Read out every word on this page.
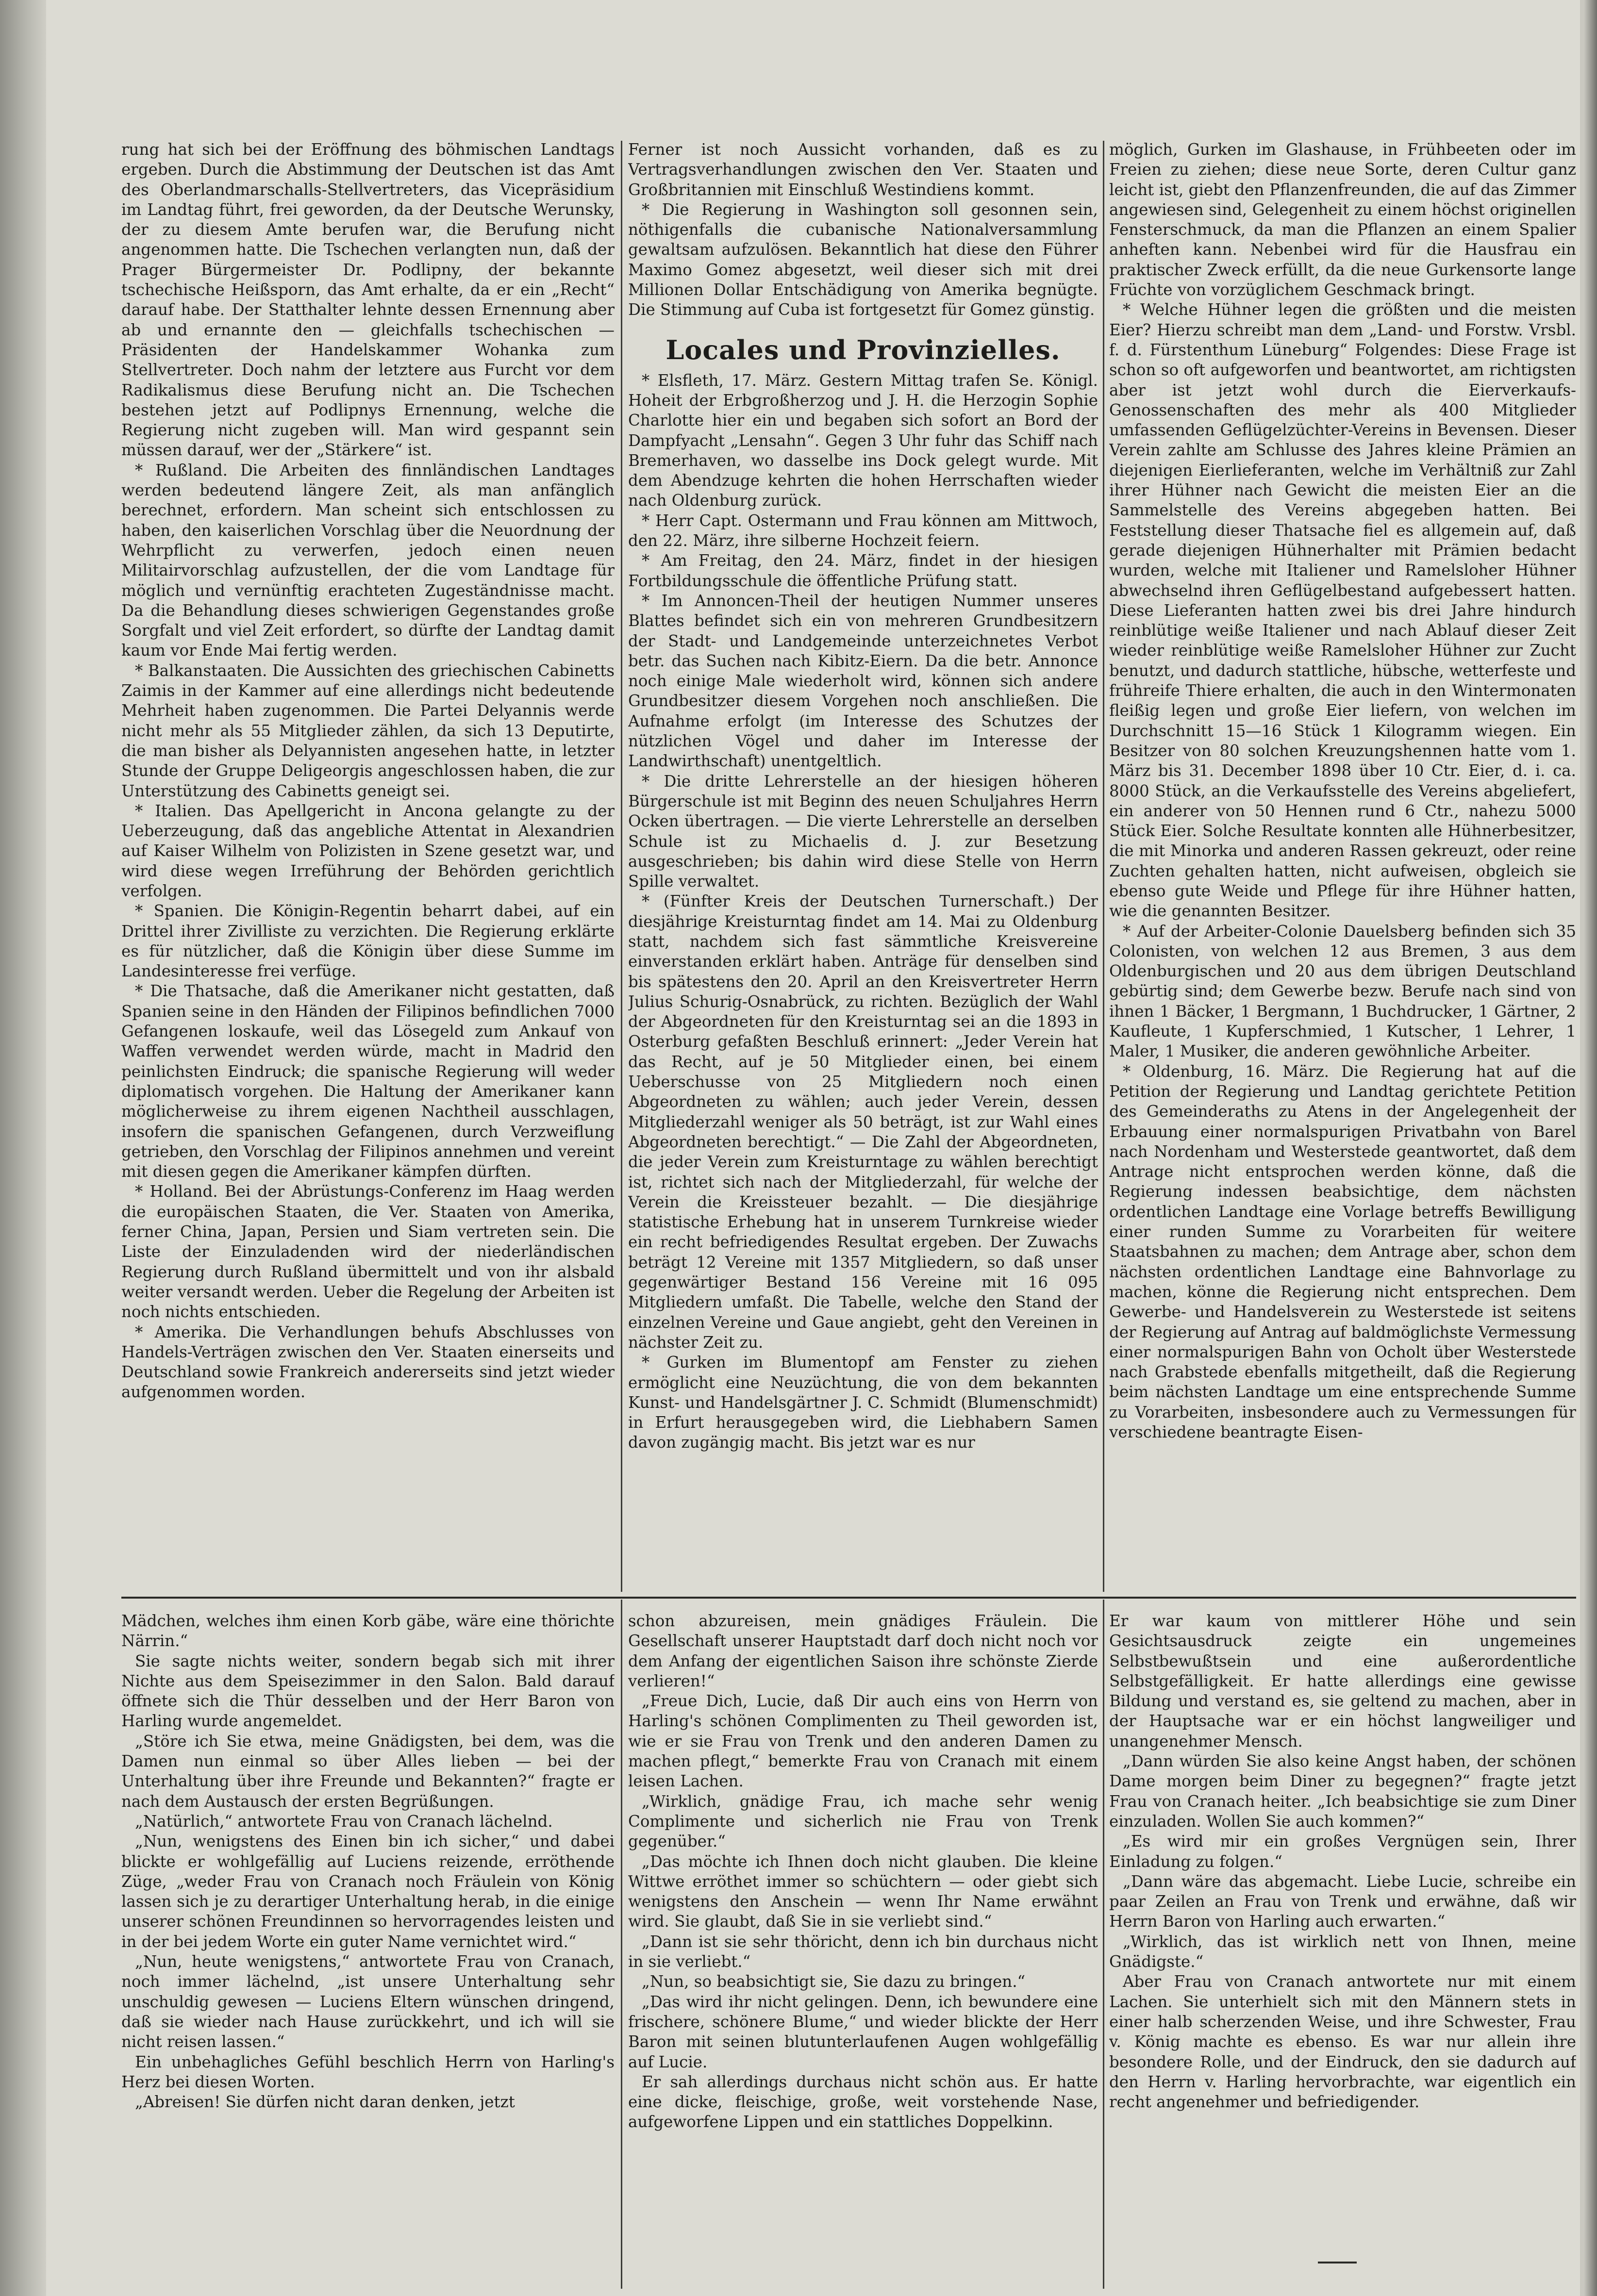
rung hat sich bei der Eröffnung des böhmischen Landtags ergeben. Durch die Abstimmung der Deutschen ist das Amt des Oberlandmarschalls-Stellvertreters, das Vicepräsidium im Landtag führt, frei geworden, da der Deutsche Werunsky, der zu diesem Amte berufen war, die Berufung nicht angenommen hatte. Die Tschechen verlangten nun, daß der Prager Bürgermeister Dr. Podlipny, der bekannte tschechische Heißsporn, das Amt erhalte, da er ein „Recht“ darauf habe. Der Statthalter lehnte dessen Ernennung aber ab und ernannte den — gleichfalls tschechischen — Präsidenten der Handelskammer Wohanka zum Stellvertreter. Doch nahm der letztere aus Furcht vor dem Radikalismus diese Berufung nicht an. Die Tschechen bestehen jetzt auf Podlipnys Ernennung, welche die Regierung nicht zugeben will. Man wird gespannt sein müssen darauf, wer der „Stärkere“ ist.

* Rußland. Die Arbeiten des finnländischen Landtages werden bedeutend längere Zeit, als man anfänglich berechnet, erfordern. Man scheint sich entschlossen zu haben, den kaiserlichen Vorschlag über die Neuordnung der Wehrpflicht zu verwerfen, jedoch einen neuen Militairvorschlag aufzustellen, der die vom Landtage für möglich und vernünftig erachteten Zugeständnisse macht. Da die Behandlung dieses schwierigen Gegenstandes große Sorgfalt und viel Zeit erfordert, so dürfte der Landtag damit kaum vor Ende Mai fertig werden.

* Balkanstaaten. Die Aussichten des griechischen Cabinetts Zaimis in der Kammer auf eine allerdings nicht bedeutende Mehrheit haben zugenommen. Die Partei Delyannis werde nicht mehr als 55 Mitglieder zählen, da sich 13 Deputirte, die man bisher als Delyannisten angesehen hatte, in letzter Stunde der Gruppe Deligeorgis angeschlossen haben, die zur Unterstützung des Cabinetts geneigt sei.

* Italien. Das Apellgericht in Ancona gelangte zu der Ueberzeugung, daß das angebliche Attentat in Alexandrien auf Kaiser Wilhelm von Polizisten in Szene gesetzt war, und wird diese wegen Irreführung der Behörden gerichtlich verfolgen.

* Spanien. Die Königin-Regentin beharrt dabei, auf ein Drittel ihrer Zivilliste zu verzichten. Die Regierung erklärte es für nützlicher, daß die Königin über diese Summe im Landesinteresse frei verfüge.

* Die Thatsache, daß die Amerikaner nicht gestatten, daß Spanien seine in den Händen der Filipinos befindlichen 7000 Gefangenen loskaufe, weil das Lösegeld zum Ankauf von Waffen verwendet werden würde, macht in Madrid den peinlichsten Eindruck; die spanische Regierung will weder diplomatisch vorgehen. Die Haltung der Amerikaner kann möglicherweise zu ihrem eigenen Nachtheil ausschlagen, insofern die spanischen Gefangenen, durch Verzweiflung getrieben, den Vorschlag der Filipinos annehmen und vereint mit diesen gegen die Amerikaner kämpfen dürften.

* Holland. Bei der Abrüstungs-Conferenz im Haag werden die europäischen Staaten, die Ver. Staaten von Amerika, ferner China, Japan, Persien und Siam vertreten sein. Die Liste der Einzuladenden wird der niederländischen Regierung durch Rußland übermittelt und von ihr alsbald weiter versandt werden. Ueber die Regelung der Arbeiten ist noch nichts entschieden.

* Amerika. Die Verhandlungen behufs Abschlusses von Handels-Verträgen zwischen den Ver. Staaten einerseits und Deutschland sowie Frankreich andererseits sind jetzt wieder aufgenommen worden.

Ferner ist noch Aussicht vorhanden, daß es zu Vertragsverhandlungen zwischen den Ver. Staaten und Großbritannien mit Einschluß Westindiens kommt.

* Die Regierung in Washington soll gesonnen sein, nöthigenfalls die cubanische Nationalversammlung gewaltsam aufzulösen. Bekanntlich hat diese den Führer Maximo Gomez abgesetzt, weil dieser sich mit drei Millionen Dollar Entschädigung von Amerika begnügte. Die Stimmung auf Cuba ist fortgesetzt für Gomez günstig.

Locales und Provinzielles.

* Elsfleth, 17. März. Gestern Mittag trafen Se. Königl. Hoheit der Erbgroßherzog und J. H. die Herzogin Sophie Charlotte hier ein und begaben sich sofort an Bord der Dampfyacht „Lensahn“. Gegen 3 Uhr fuhr das Schiff nach Bremerhaven, wo dasselbe ins Dock gelegt wurde. Mit dem Abendzuge kehrten die hohen Herrschaften wieder nach Oldenburg zurück.

* Herr Capt. Ostermann und Frau können am Mittwoch, den 22. März, ihre silberne Hochzeit feiern.

* Am Freitag, den 24. März, findet in der hiesigen Fortbildungsschule die öffentliche Prüfung statt.

* Im Annoncen-Theil der heutigen Nummer unseres Blattes befindet sich ein von mehreren Grundbesitzern der Stadt- und Landgemeinde unterzeichnetes Verbot betr. das Suchen nach Kibitz-Eiern. Da die betr. Annonce noch einige Male wiederholt wird, können sich andere Grundbesitzer diesem Vorgehen noch anschließen. Die Aufnahme erfolgt (im Interesse des Schutzes der nützlichen Vögel und daher im Interesse der Landwirthschaft) unentgeltlich.

* Die dritte Lehrerstelle an der hiesigen höheren Bürgerschule ist mit Beginn des neuen Schuljahres Herrn Ocken übertragen. — Die vierte Lehrerstelle an derselben Schule ist zu Michaelis d. J. zur Besetzung ausgeschrieben; bis dahin wird diese Stelle von Herrn Spille verwaltet.

* (Fünfter Kreis der Deutschen Turnerschaft.) Der diesjährige Kreisturntag findet am 14. Mai zu Oldenburg statt, nachdem sich fast sämmtliche Kreisvereine einverstanden erklärt haben. Anträge für denselben sind bis spätestens den 20. April an den Kreisvertreter Herrn Julius Schurig-Osnabrück, zu richten. Bezüglich der Wahl der Abgeordneten für den Kreisturntag sei an die 1893 in Osterburg gefaßten Beschluß erinnert: „Jeder Verein hat das Recht, auf je 50 Mitglieder einen, bei einem Ueberschusse von 25 Mitgliedern noch einen Abgeordneten zu wählen; auch jeder Verein, dessen Mitgliederzahl weniger als 50 beträgt, ist zur Wahl eines Abgeordneten berechtigt.“ — Die Zahl der Abgeordneten, die jeder Verein zum Kreisturntage zu wählen berechtigt ist, richtet sich nach der Mitgliederzahl, für welche der Verein die Kreissteuer bezahlt. — Die diesjährige statistische Erhebung hat in unserem Turnkreise wieder ein recht befriedigendes Resultat ergeben. Der Zuwachs beträgt 12 Vereine mit 1357 Mitgliedern, so daß unser gegenwärtiger Bestand 156 Vereine mit 16 095 Mitgliedern umfaßt. Die Tabelle, welche den Stand der einzelnen Vereine und Gaue angiebt, geht den Vereinen in nächster Zeit zu.

* Gurken im Blumentopf am Fenster zu ziehen ermöglicht eine Neuzüchtung, die von dem bekannten Kunst- und Handelsgärtner J. C. Schmidt (Blumenschmidt) in Erfurt herausgegeben wird, die Liebhabern Samen davon zugängig macht. Bis jetzt war es nur

möglich, Gurken im Glashause, in Frühbeeten oder im Freien zu ziehen; diese neue Sorte, deren Cultur ganz leicht ist, giebt den Pflanzenfreunden, die auf das Zimmer angewiesen sind, Gelegenheit zu einem höchst originellen Fensterschmuck, da man die Pflanzen an einem Spalier anheften kann. Nebenbei wird für die Hausfrau ein praktischer Zweck erfüllt, da die neue Gurkensorte lange Früchte von vorzüglichem Geschmack bringt.

* Welche Hühner legen die größten und die meisten Eier? Hierzu schreibt man dem „Land- und Forstw. Vrsbl. f. d. Fürstenthum Lüneburg“ Folgendes: Diese Frage ist schon so oft aufgeworfen und beantwortet, am richtigsten aber ist jetzt wohl durch die Eierverkaufs-Genossenschaften des mehr als 400 Mitglieder umfassenden Geflügelzüchter-Vereins in Bevensen. Dieser Verein zahlte am Schlusse des Jahres kleine Prämien an diejenigen Eierlieferanten, welche im Verhältniß zur Zahl ihrer Hühner nach Gewicht die meisten Eier an die Sammelstelle des Vereins abgegeben hatten. Bei Feststellung dieser Thatsache fiel es allgemein auf, daß gerade diejenigen Hühnerhalter mit Prämien bedacht wurden, welche mit Italiener und Ramelsloher Hühner abwechselnd ihren Geflügelbestand aufgebessert hatten. Diese Lieferanten hatten zwei bis drei Jahre hindurch reinblütige weiße Italiener und nach Ablauf dieser Zeit wieder reinblütige weiße Ramelsloher Hühner zur Zucht benutzt, und dadurch stattliche, hübsche, wetterfeste und frühreife Thiere erhalten, die auch in den Wintermonaten fleißig legen und große Eier liefern, von welchen im Durchschnitt 15—16 Stück 1 Kilogramm wiegen. Ein Besitzer von 80 solchen Kreuzungshennen hatte vom 1. März bis 31. December 1898 über 10 Ctr. Eier, d. i. ca. 8000 Stück, an die Verkaufsstelle des Vereins abgeliefert, ein anderer von 50 Hennen rund 6 Ctr., nahezu 5000 Stück Eier. Solche Resultate konnten alle Hühnerbesitzer, die mit Minorka und anderen Rassen gekreuzt, oder reine Zuchten gehalten hatten, nicht aufweisen, obgleich sie ebenso gute Weide und Pflege für ihre Hühner hatten, wie die genannten Besitzer.

* Auf der Arbeiter-Colonie Dauelsberg befinden sich 35 Colonisten, von welchen 12 aus Bremen, 3 aus dem Oldenburgischen und 20 aus dem übrigen Deutschland gebürtig sind; dem Gewerbe bezw. Berufe nach sind von ihnen 1 Bäcker, 1 Bergmann, 1 Buchdrucker, 1 Gärtner, 2 Kaufleute, 1 Kupferschmied, 1 Kutscher, 1 Lehrer, 1 Maler, 1 Musiker, die anderen gewöhnliche Arbeiter.

* Oldenburg, 16. März. Die Regierung hat auf die Petition der Regierung und Landtag gerichtete Petition des Gemeinderaths zu Atens in der Angelegenheit der Erbauung einer normalspurigen Privatbahn von Barel nach Nordenham und Westerstede geantwortet, daß dem Antrage nicht entsprochen werden könne, daß die Regierung indessen beabsichtige, dem nächsten ordentlichen Landtage eine Vorlage betreffs Bewilligung einer runden Summe zu Vorarbeiten für weitere Staatsbahnen zu machen; dem Antrage aber, schon dem nächsten ordentlichen Landtage eine Bahnvorlage zu machen, könne die Regierung nicht entsprechen. Dem Gewerbe- und Handelsverein zu Westerstede ist seitens der Regierung auf Antrag auf baldmöglichste Vermessung einer normalspurigen Bahn von Ocholt über Westerstede nach Grabstede ebenfalls mitgetheilt, daß die Regierung beim nächsten Landtage um eine entsprechende Summe zu Vorarbeiten, insbesondere auch zu Vermessungen für verschiedene beantragte Eisen-

Mädchen, welches ihm einen Korb gäbe, wäre eine thörichte Närrin.“

Sie sagte nichts weiter, sondern begab sich mit ihrer Nichte aus dem Speisezimmer in den Salon. Bald darauf öffnete sich die Thür desselben und der Herr Baron von Harling wurde angemeldet.

„Störe ich Sie etwa, meine Gnädigsten, bei dem, was die Damen nun einmal so über Alles lieben — bei der Unterhaltung über ihre Freunde und Bekannten?“ fragte er nach dem Austausch der ersten Begrüßungen.

„Natürlich,“ antwortete Frau von Cranach lächelnd.

„Nun, wenigstens des Einen bin ich sicher,“ und dabei blickte er wohlgefällig auf Luciens reizende, erröthende Züge, „weder Frau von Cranach noch Fräulein von König lassen sich je zu derartiger Unterhaltung herab, in die einige unserer schönen Freundinnen so hervorragendes leisten und in der bei jedem Worte ein guter Name vernichtet wird.“

„Nun, heute wenigstens,“ antwortete Frau von Cranach, noch immer lächelnd, „ist unsere Unterhaltung sehr unschuldig gewesen — Luciens Eltern wünschen dringend, daß sie wieder nach Hause zurückkehrt, und ich will sie nicht reisen lassen.“

Ein unbehagliches Gefühl beschlich Herrn von Harling's Herz bei diesen Worten.

„Abreisen! Sie dürfen nicht daran denken, jetzt

schon abzureisen, mein gnädiges Fräulein. Die Gesellschaft unserer Hauptstadt darf doch nicht noch vor dem Anfang der eigentlichen Saison ihre schönste Zierde verlieren!“

„Freue Dich, Lucie, daß Dir auch eins von Herrn von Harling's schönen Complimenten zu Theil geworden ist, wie er sie Frau von Trenk und den anderen Damen zu machen pflegt,“ bemerkte Frau von Cranach mit einem leisen Lachen.

„Wirklich, gnädige Frau, ich mache sehr wenig Complimente und sicherlich nie Frau von Trenk gegenüber.“

„Das möchte ich Ihnen doch nicht glauben. Die kleine Wittwe erröthet immer so schüchtern — oder giebt sich wenigstens den Anschein — wenn Ihr Name erwähnt wird. Sie glaubt, daß Sie in sie verliebt sind.“

„Dann ist sie sehr thöricht, denn ich bin durchaus nicht in sie verliebt.“

„Nun, so beabsichtigt sie, Sie dazu zu bringen.“

„Das wird ihr nicht gelingen. Denn, ich bewundere eine frischere, schönere Blume,“ und wieder blickte der Herr Baron mit seinen blutunterlaufenen Augen wohlgefällig auf Lucie.

Er sah allerdings durchaus nicht schön aus. Er hatte eine dicke, fleischige, große, weit vorstehende Nase, aufgeworfene Lippen und ein stattliches Doppelkinn.

Er war kaum von mittlerer Höhe und sein Gesichtsausdruck zeigte ein ungemeines Selbstbewußtsein und eine außerordentliche Selbstgefälligkeit. Er hatte allerdings eine gewisse Bildung und verstand es, sie geltend zu machen, aber in der Hauptsache war er ein höchst langweiliger und unangenehmer Mensch.

„Dann würden Sie also keine Angst haben, der schönen Dame morgen beim Diner zu begegnen?“ fragte jetzt Frau von Cranach heiter. „Ich beabsichtige sie zum Diner einzuladen. Wollen Sie auch kommen?“

„Es wird mir ein großes Vergnügen sein, Ihrer Einladung zu folgen.“

„Dann wäre das abgemacht. Liebe Lucie, schreibe ein paar Zeilen an Frau von Trenk und erwähne, daß wir Herrn Baron von Harling auch erwarten.“

„Wirklich, das ist wirklich nett von Ihnen, meine Gnädigste.“

Aber Frau von Cranach antwortete nur mit einem Lachen. Sie unterhielt sich mit den Männern stets in einer halb scherzenden Weise, und ihre Schwester, Frau v. König machte es ebenso. Es war nur allein ihre besondere Rolle, und der Eindruck, den sie dadurch auf den Herrn v. Harling hervorbrachte, war eigentlich ein recht angenehmer und befriedigender.
